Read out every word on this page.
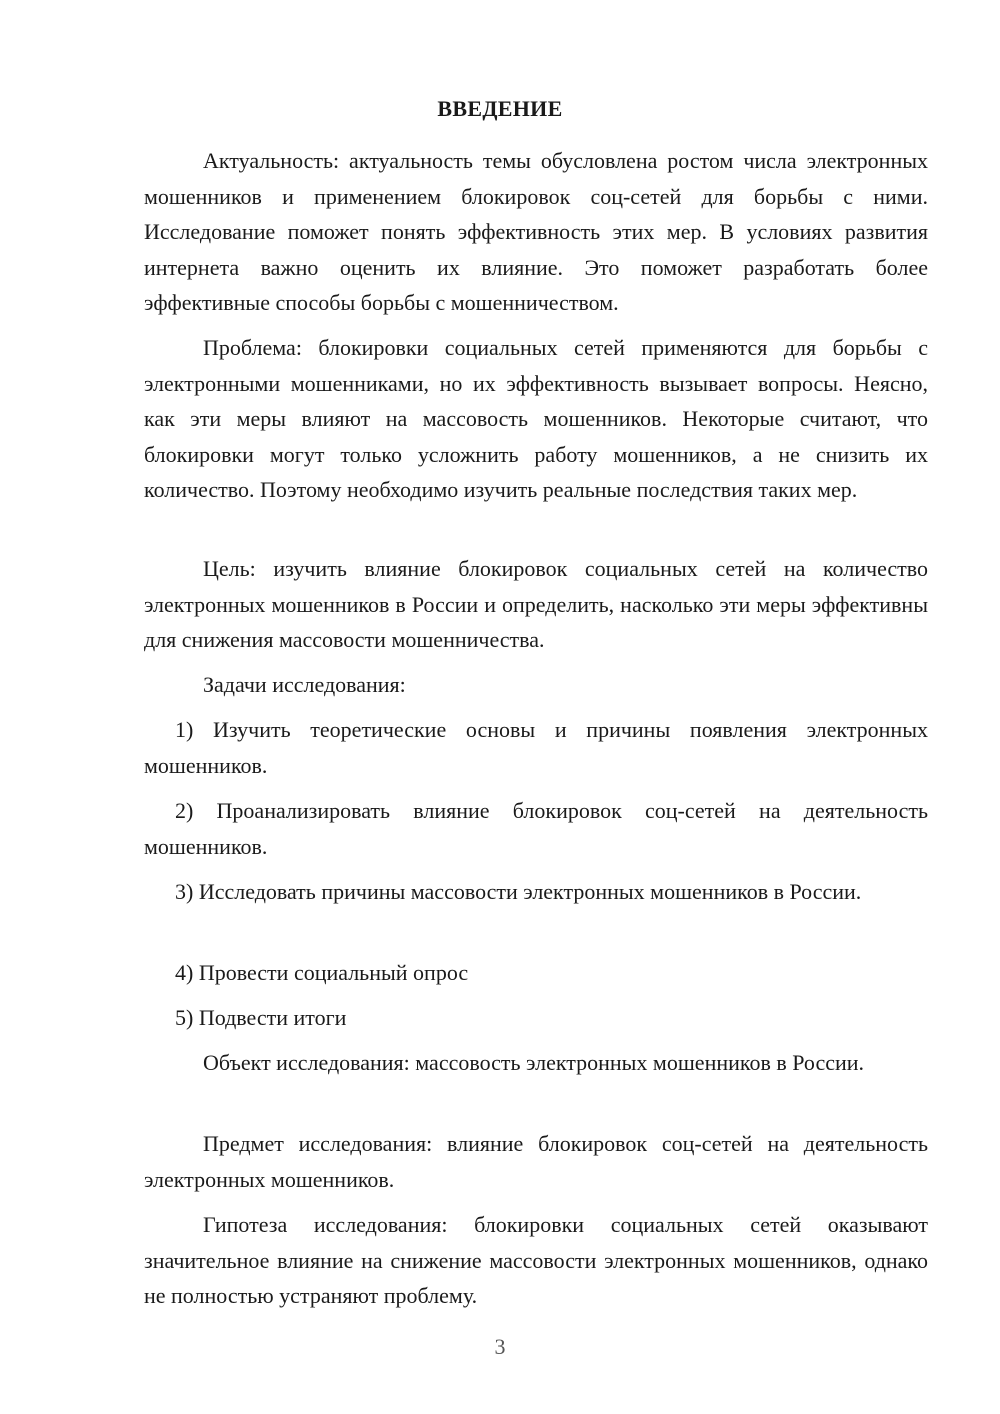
ВВЕДЕНИЕ

Актуальность: актуальность темы обусловлена ростом числа электронных мошенников и применением блокировок соц-сетей для борьбы с ними. Исследование поможет понять эффективность этих мер. В условиях развития интернета важно оценить их влияние. Это поможет разработать более эффективные способы борьбы с мошенничеством.

Проблема: блокировки социальных сетей применяются для борьбы с электронными мошенниками, но их эффективность вызывает вопросы. Неясно, как эти меры влияют на массовость мошенников. Некоторые считают, что блокировки могут только усложнить работу мошенников, а не снизить их количество. Поэтому необходимо изучить реальные последствия таких мер.

Цель: изучить влияние блокировок социальных сетей на количество электронных мошенников в России и определить, насколько эти меры эффективны для снижения массовости мошенничества.

Задачи исследования:

1) Изучить теоретические основы и причины появления электронных мошенников.

2) Проанализировать влияние блокировок соц-сетей на деятельность мошенников.

3) Исследовать причины массовости электронных мошенников в России.

4) Провести социальный опрос

5) Подвести итоги

Объект исследования: массовость электронных мошенников в России.

Предмет исследования: влияние блокировок соц-сетей на деятельность электронных мошенников.

Гипотеза исследования: блокировки социальных сетей оказывают значительное влияние на снижение массовости электронных мошенников, однако не полностью устраняют проблему.

3
